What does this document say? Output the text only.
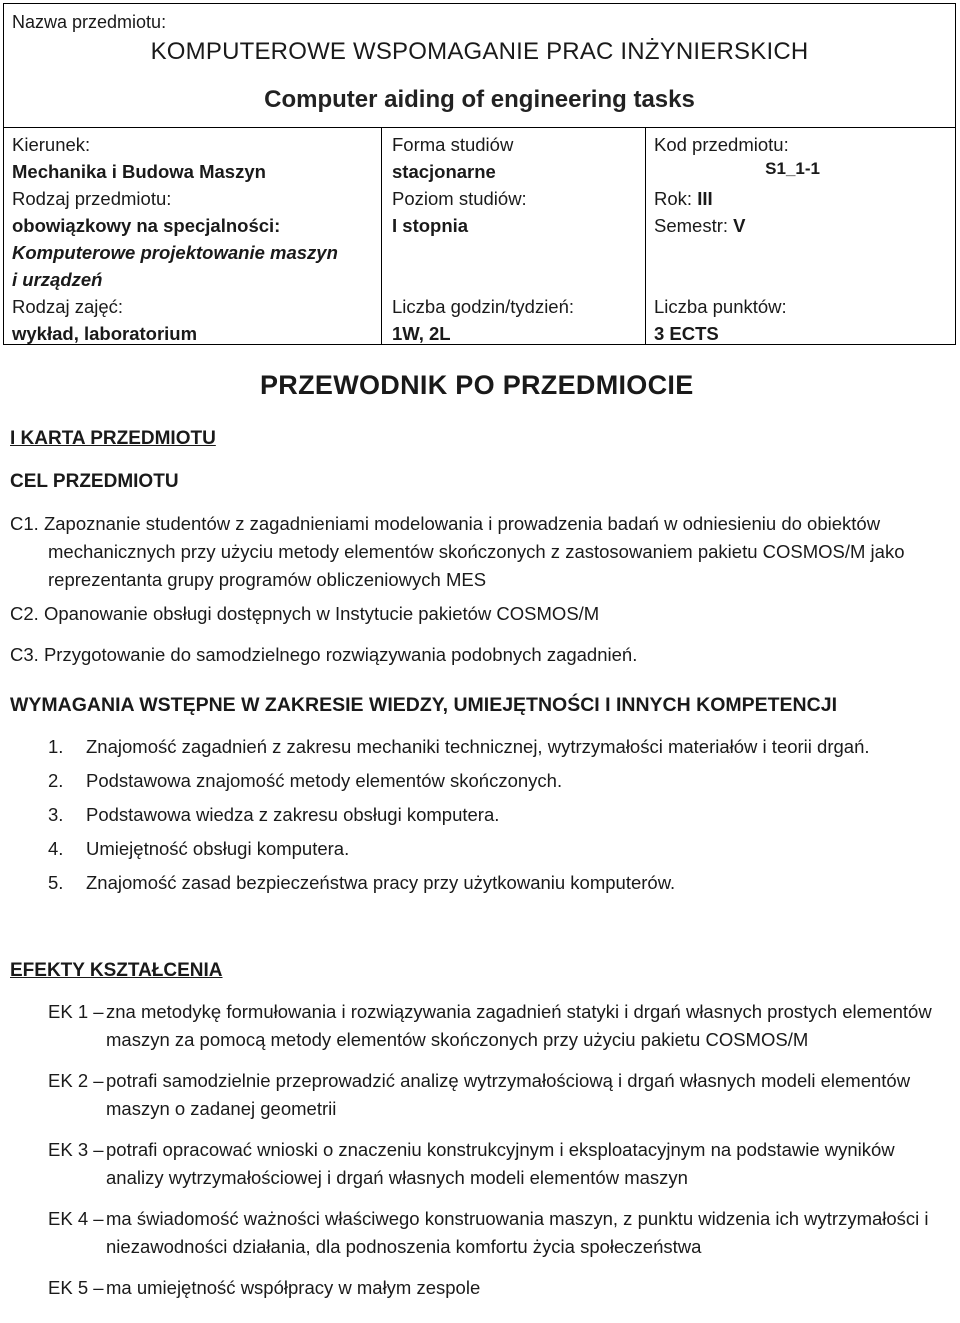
Nazwa przedmiotu:
KOMPUTEROWE WSPOMAGANIE PRAC INŻYNIERSKICH
Computer aiding of engineering tasks
Kierunek:
Mechanika i Budowa Maszyn
Rodzaj przedmiotu:
obowiązkowy na specjalności:
Komputerowe projektowanie maszyn
i urządzeń
Rodzaj zajęć:
wykład, laboratorium
Forma studiów
stacjonarne
Poziom studiów:
I stopnia
Liczba godzin/tydzień:
1W, 2L
Kod przedmiotu:
Rok: III
Semestr: V
Liczba punktów:
3 ECTS
S1_1-1
PRZEWODNIK PO PRZEDMIOCIE
I KARTA PRZEDMIOTU
CEL PRZEDMIOTU
C1. Zapoznanie studentów z zagadnieniami modelowania i prowadzenia badań w odniesieniu do obiektów mechanicznych przy użyciu metody elementów skończonych z zastosowaniem pakietu COSMOS/M jako reprezentanta grupy programów obliczeniowych MES
C2. Opanowanie obsługi dostępnych w Instytucie pakietów COSMOS/M
C3. Przygotowanie do samodzielnego rozwiązywania podobnych zagadnień.
WYMAGANIA WSTĘPNE W ZAKRESIE WIEDZY, UMIEJĘTNOŚCI I INNYCH KOMPETENCJI
1. Znajomość zagadnień z zakresu mechaniki technicznej, wytrzymałości materiałów i teorii drgań.
2. Podstawowa znajomość metody elementów skończonych.
3. Podstawowa wiedza z zakresu obsługi komputera.
4. Umiejętność obsługi komputera.
5. Znajomość zasad bezpieczeństwa pracy przy użytkowaniu komputerów.
EFEKTY KSZTAŁCENIA
EK 1 – zna metodykę formułowania i rozwiązywania zagadnień statyki i drgań własnych prostych elementów maszyn za pomocą metody elementów skończonych przy użyciu pakietu COSMOS/M
EK 2 – potrafi samodzielnie przeprowadzić analizę wytrzymałościową i drgań własnych modeli elementów maszyn o zadanej geometrii
EK 3 – potrafi opracować wnioski o znaczeniu konstrukcyjnym i eksploatacyjnym na podstawie wyników analizy wytrzymałościowej i drgań własnych modeli elementów maszyn
EK 4 – ma świadomość ważności właściwego konstruowania maszyn, z punktu widzenia ich wytrzymałości i niezawodności działania, dla podnoszenia komfortu życia społeczeństwa
EK 5 – ma umiejętność współpracy w małym zespole
